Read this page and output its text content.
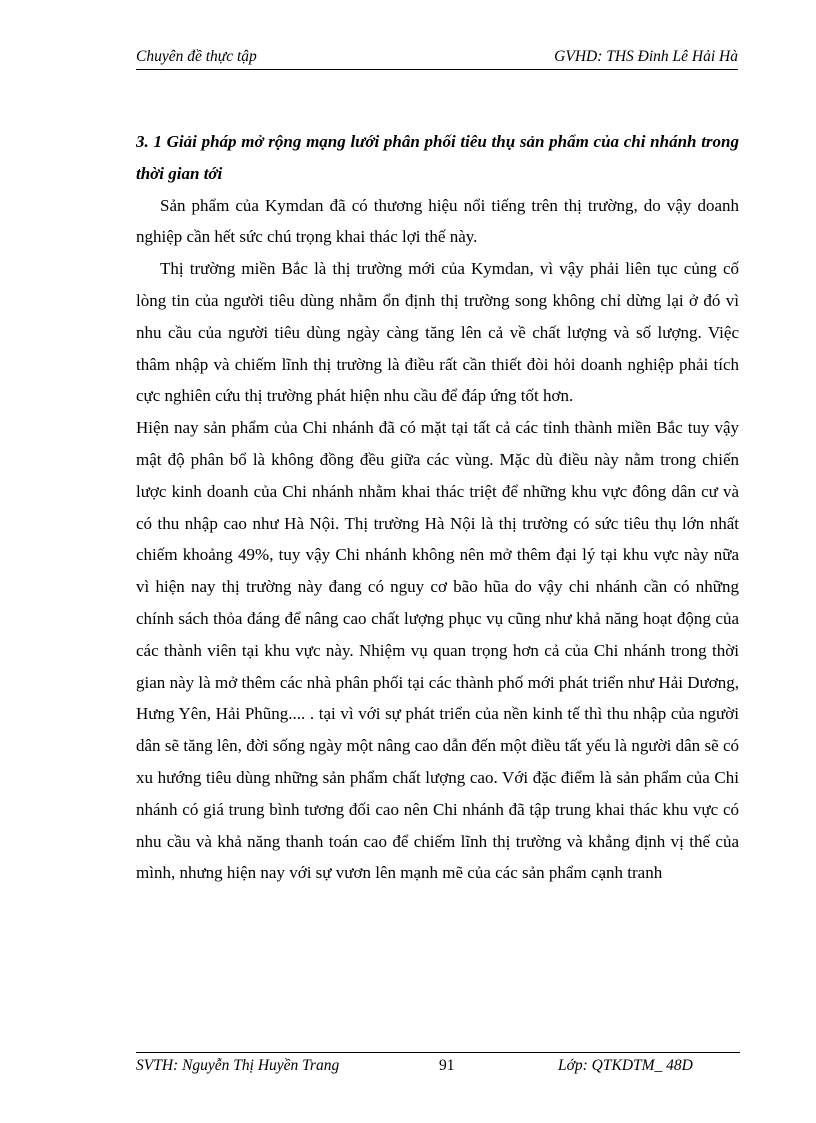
Chuyên đề thực tập	GVHD: THS Đinh Lê Hải Hà

3. 1 Giải pháp mở rộng mạng lưới phân phối tiêu thụ sản phẩm của chi nhánh trong thời gian tới

Sản phẩm của Kymdan đã có thương hiệu nổi tiếng trên thị trường, do vậy doanh nghiệp cần hết sức chú trọng khai thác lợi thế này.

Thị trường miền Bắc là thị trường mới của Kymdan, vì vậy phải liên tục củng cố lòng tin của người tiêu dùng nhằm ổn định thị trường song không chỉ dừng lại ở đó vì nhu cầu của người tiêu dùng ngày càng tăng lên cả về chất lượng và số lượng. Việc thâm nhập và chiếm lĩnh thị trường là điều rất cần thiết đòi hỏi doanh nghiệp phải tích cực nghiên cứu thị trường phát hiện nhu cầu để đáp ứng tốt hơn.

Hiện nay sản phẩm của Chi nhánh đã có mặt tại tất cả các tỉnh thành miền Bắc tuy vậy mật độ phân bổ là không đồng đều giữa các vùng. Mặc dù điều này nằm trong chiến lược kinh doanh của Chi nhánh nhằm khai thác triệt để những khu vực đông dân cư và có thu nhập cao như Hà Nội. Thị trường Hà Nội là thị trường có sức tiêu thụ lớn nhất chiếm khoảng 49%, tuy vậy Chi nhánh không nên mở thêm đại lý tại khu vực này nữa vì hiện nay thị trường này đang có nguy cơ bão hũa do vậy chi nhánh cần có những chính sách thỏa đáng để nâng cao chất lượng phục vụ cũng như khả năng hoạt động của các thành viên tại khu vực này. Nhiệm vụ quan trọng hơn cả của Chi nhánh trong thời gian này là mở thêm các nhà phân phối tại các thành phố mới phát triển như Hải Dương, Hưng Yên, Hải Phũng.... . tại vì với sự phát triển của nền kinh tế thì thu nhập của người dân sẽ tăng lên, đời sống ngày một nâng cao dẫn đến một điều tất yếu là người dân sẽ có xu hướng tiêu dùng những sản phẩm chất lượng cao. Với đặc điểm là sản phẩm của Chi nhánh có giá trung bình tương đối cao nên Chi nhánh đã tập trung khai thác khu vực có nhu cầu và khả năng thanh toán cao để chiếm lĩnh thị trường và khẳng định vị thế của mình, nhưng hiện nay với sự vươn lên mạnh mẽ của các sản phẩm cạnh tranh

SVTH: Nguyễn Thị Huyền Trang	91	Lớp: QTKDTM_ 48D
